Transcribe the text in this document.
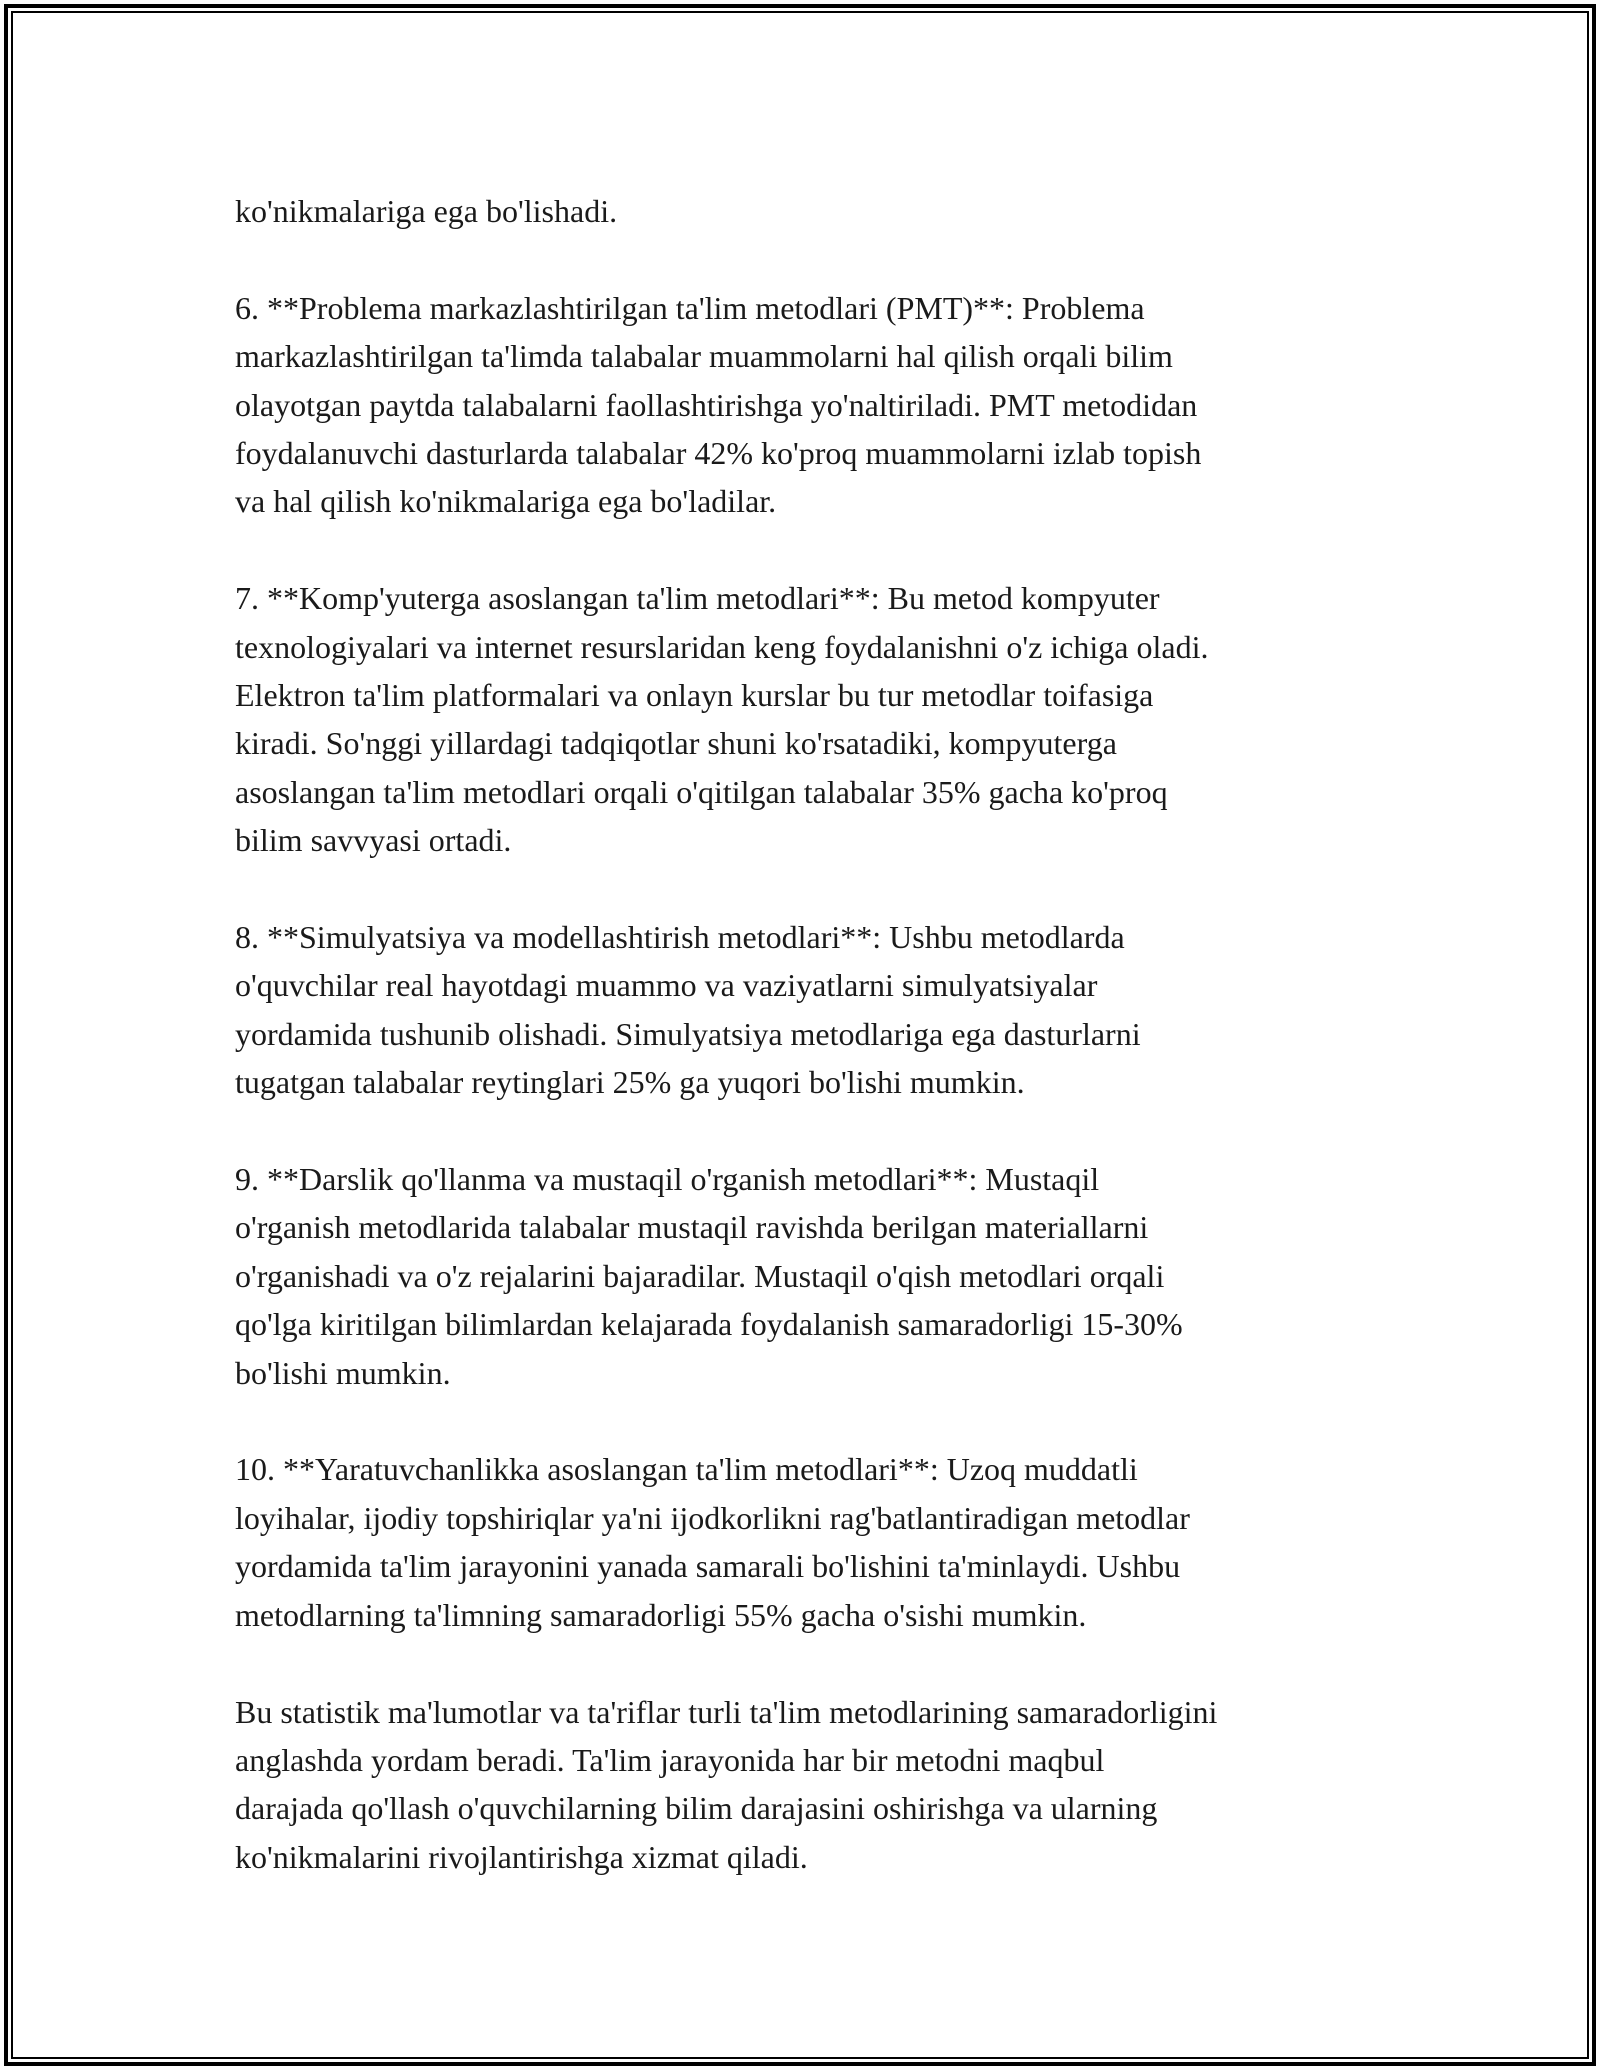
ko'nikmalariga ega bo'lishadi.

6. **Problema markazlashtirilgan ta'lim metodlari (PMT)**: Problema
markazlashtirilgan ta'limda talabalar muammolarni hal qilish orqali bilim
olayotgan paytda talabalarni faollashtirishga yo'naltiriladi. PMT metodidan
foydalanuvchi dasturlarda talabalar 42% ko'proq muammolarni izlab topish
va hal qilish ko'nikmalariga ega bo'ladilar.

7. **Komp'yuterga asoslangan ta'lim metodlari**: Bu metod kompyuter
texnologiyalari va internet resurslaridan keng foydalanishni o'z ichiga oladi.
Elektron ta'lim platformalari va onlayn kurslar bu tur metodlar toifasiga
kiradi. So'nggi yillardagi tadqiqotlar shuni ko'rsatadiki, kompyuterga
asoslangan ta'lim metodlari orqali o'qitilgan talabalar 35% gacha ko'proq
bilim savvyasi ortadi.

8. **Simulyatsiya va modellashtirish metodlari**: Ushbu metodlarda
o'quvchilar real hayotdagi muammo va vaziyatlarni simulyatsiyalar
yordamida tushunib olishadi. Simulyatsiya metodlariga ega dasturlarni
tugatgan talabalar reytinglari 25% ga yuqori bo'lishi mumkin.

9. **Darslik qo'llanma va mustaqil o'rganish metodlari**: Mustaqil
o'rganish metodlarida talabalar mustaqil ravishda berilgan materiallarni
o'rganishadi va o'z rejalarini bajaradilar. Mustaqil o'qish metodlari orqali
qo'lga kiritilgan bilimlardan kelajarada foydalanish samaradorligi 15-30%
bo'lishi mumkin.

10. **Yaratuvchanlikka asoslangan ta'lim metodlari**: Uzoq muddatli
loyihalar, ijodiy topshiriqlar ya'ni ijodkorlikni rag'batlantiradigan metodlar
yordamida ta'lim jarayonini yanada samarali bo'lishini ta'minlaydi. Ushbu
metodlarning ta'limning samaradorligi 55% gacha o'sishi mumkin.

Bu statistik ma'lumotlar va ta'riflar turli ta'lim metodlarining samaradorligini
anglashda yordam beradi. Ta'lim jarayonida har bir metodni maqbul
darajada qo'llash o'quvchilarning bilim darajasini oshirishga va ularning
ko'nikmalarini rivojlantirishga xizmat qiladi.
